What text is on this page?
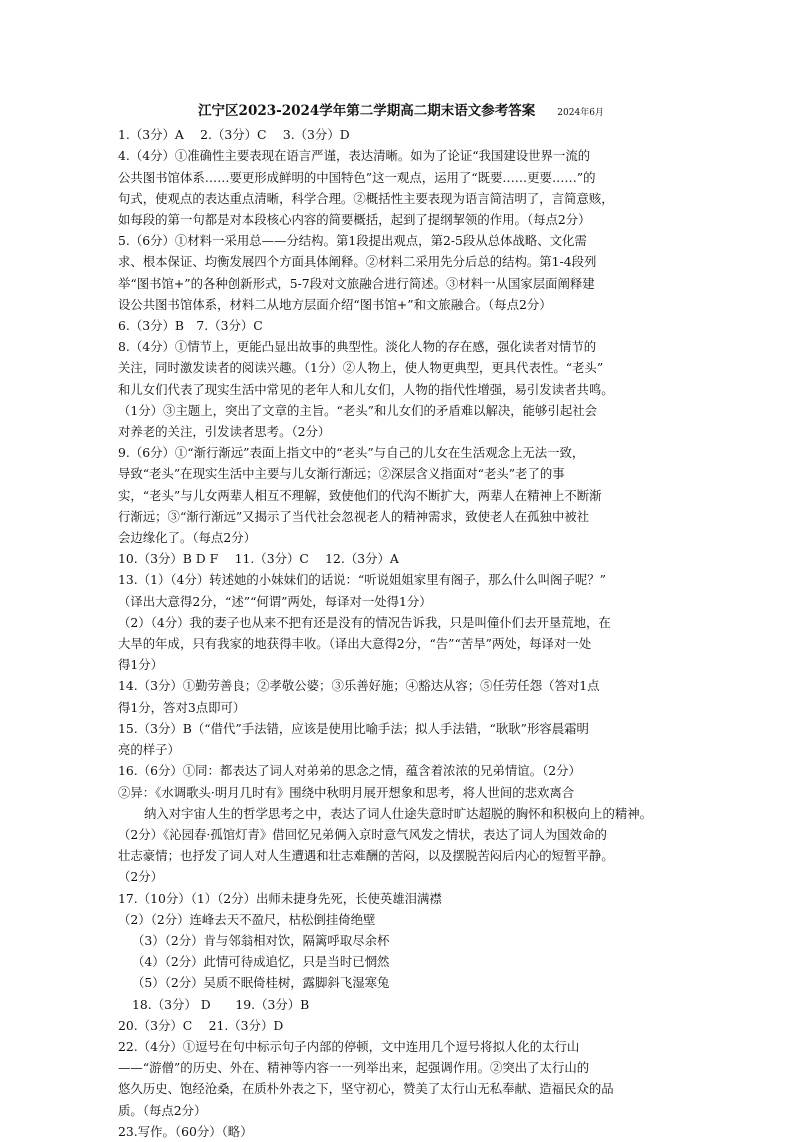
江宁区2023-2024学年第二学期高二期末语文参考答案 2024年6月
1.（3分）A　 2.（3分）C　 3.（3分）D
4.（4分）①准确性主要表现在语言严谨，表达清晰。如为了论证“我国建设世界一流的
公共图书馆体系……要更形成鲜明的中国特色”这一观点，运用了“既要……更要……”的
句式，使观点的表达重点清晰，科学合理。②概括性主要表现为语言简洁明了，言简意赅，
如每段的第一句都是对本段核心内容的简要概括，起到了提纲挈领的作用。（每点2分）
5.（6分）①材料一采用总——分结构。第1段提出观点，第2-5段从总体战略、文化需
求、根本保证、均衡发展四个方面具体阐释。②材料二采用先分后总的结构。第1-4段列
举“图书馆+”的各种创新形式，5-7段对文旅融合进行简述。③材料一从国家层面阐释建
设公共图书馆体系，材料二从地方层面介绍“图书馆+”和文旅融合。（每点2分）
6.（3分）B　7.（3分）C
8.（4分）①情节上，更能凸显出故事的典型性。淡化人物的存在感，强化读者对情节的
关注，同时激发读者的阅读兴趣。（1分）②人物上，使人物更典型，更具代表性。“老头”
和儿女们代表了现实生活中常见的老年人和儿女们，人物的指代性增强，易引发读者共鸣。
（1分）③主题上，突出了文章的主旨。“老头”和儿女们的矛盾难以解决，能够引起社会
对养老的关注，引发读者思考。（2分）
9.（6分）①“渐行渐远”表面上指文中的“老头”与自己的儿女在生活观念上无法一致，
导致“老头”在现实生活中主要与儿女渐行渐远；②深层含义指面对“老头”老了的事
实，“老头”与儿女两辈人相互不理解，致使他们的代沟不断扩大，两辈人在精神上不断渐
行渐远；③“渐行渐远”又揭示了当代社会忽视老人的精神需求，致使老人在孤独中被社
会边缘化了。（每点2分）
10.（3分）B D F　 11.（3分）C　 12.（3分）A
13.（1）（4分）转述她的小妹妹们的话说：“听说姐姐家里有阁子，那么什么叫阁子呢？”
（译出大意得2分，“述”“何谓”两处，每译对一处得1分）
（2）（4分）我的妻子也从来不把有还是没有的情况告诉我，只是叫僮仆们去开垦荒地，在
大旱的年成，只有我家的地获得丰收。（译出大意得2分，“告”“苦旱”两处，每译对一处
得1分）
14.（3分）①勤劳善良；②孝敬公婆；③乐善好施；④豁达从容；⑤任劳任怨（答对1点
得1分，答对3点即可）
15.（3分）B（“借代”手法错，应该是使用比喻手法；拟人手法错，“耿耿”形容晨霜明
亮的样子）
16.（6分）①同：都表达了词人对弟弟的思念之情，蕴含着浓浓的兄弟情谊。（2分）
②异：《水调歌头·明月几时有》围绕中秋明月展开想象和思考，将人世间的悲欢离合
纳入对宇宙人生的哲学思考之中，表达了词人仕途失意时旷达超脱的胸怀和积极向上的精神。
（2分）《沁园春·孤馆灯青》借回忆兄弟俩入京时意气风发之情状，表达了词人为国效命的
壮志豪情；也抒发了词人对人生遭遇和壮志难酬的苦闷，以及摆脱苦闷后内心的短暂平静。
（2分）
17.（10分）（1）（2分）出师未捷身先死，长使英雄泪满襟
（2）（2分）连峰去天不盈尺，枯松倒挂倚绝壁
（3）（2分）肯与邻翁相对饮，隔篱呼取尽余杯
（4）（2分）此情可待成追忆，只是当时已惘然
（5）（2分）吴质不眠倚桂树，露脚斜飞湿寒兔
18.（3分） D　　19.（3分）B
20.（3分）C　 21.（3分）D
22.（4分）①逗号在句中标示句子内部的停顿，文中连用几个逗号将拟人化的太行山
——“游僧”的历史、外在、精神等内容一一列举出来，起强调作用。②突出了太行山的
悠久历史、饱经沧桑，在质朴外表之下，坚守初心，赞美了太行山无私奉献、造福民众的品
质。（每点2分）
23.写作。（60分）（略）
